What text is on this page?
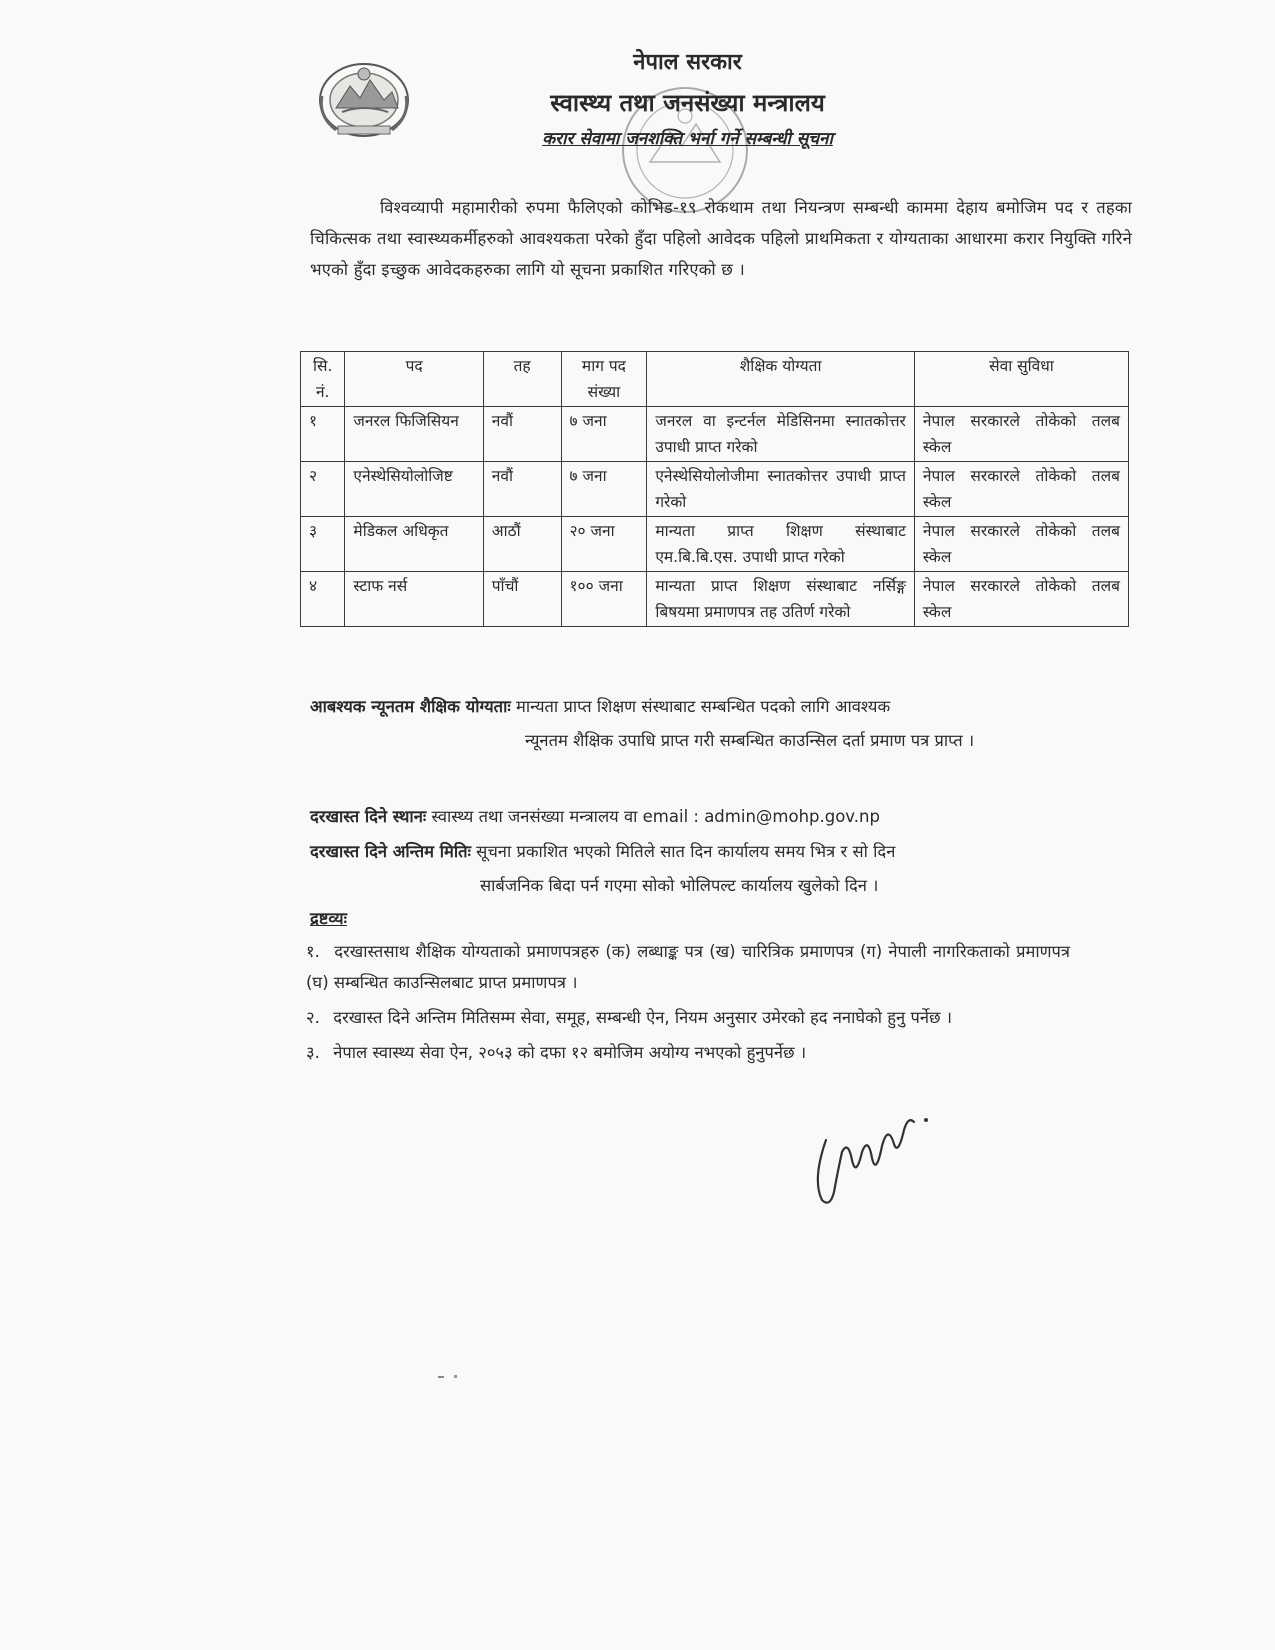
नेपाल सरकार
स्वास्थ्य तथा जनसंख्या मन्त्रालय
करार सेवामा जनशक्ति भर्ना गर्ने सम्बन्धी सूचना

विश्वव्यापी महामारीको रुपमा फैलिएको कोभिड-१९ रोकथाम तथा नियन्त्रण सम्बन्धी काममा देहाय बमोजिम पद र तहका चिकित्सक तथा स्वास्थ्यकर्मीहरुको आवश्यकता परेको हुँदा पहिलो आवेदक पहिलो प्राथमिकता र योग्यताका आधारमा करार नियुक्ति गरिने भएको हुँदा इच्छुक आवेदकहरुका लागि यो सूचना प्रकाशित गरिएको छ ।

सि. नं.	पद	तह	माग पद संख्या	शैक्षिक योग्यता	सेवा सुविधा
१	जनरल फिजिसियन	नवौं	७ जना	जनरल वा इन्टर्नल मेडिसिनमा स्नातकोत्तर उपाधी प्राप्त गरेको	नेपाल सरकारले तोकेको तलब स्केल
२	एनेस्थेसियोलोजिष्ट	नवौं	७ जना	एनेस्थेसियोलोजीमा स्नातकोत्तर उपाधी प्राप्त गरेको	नेपाल सरकारले तोकेको तलब स्केल
३	मेडिकल अधिकृत	आठौं	२० जना	मान्यता प्राप्त शिक्षण संस्थाबाट एम.बि.बि.एस. उपाधी प्राप्त गरेको	नेपाल सरकारले तोकेको तलब स्केल
४	स्टाफ नर्स	पाँचौं	१०० जना	मान्यता प्राप्त शिक्षण संस्थाबाट नर्सिङ्ग बिषयमा प्रमाणपत्र तह उतिर्ण गरेको	नेपाल सरकारले तोकेको तलब स्केल

आबश्यक न्यूनतम शैक्षिक योग्यताः मान्यता प्राप्त शिक्षण संस्थाबाट सम्बन्धित पदको लागि आवश्यक
न्यूनतम शैक्षिक उपाधि प्राप्त गरी सम्बन्धित काउन्सिल दर्ता प्रमाण पत्र प्राप्त ।

दरखास्त दिने स्थानः स्वास्थ्य तथा जनसंख्या मन्त्रालय वा email : admin@mohp.gov.np

दरखास्त दिने अन्तिम मितिः सूचना प्रकाशित भएको मितिले सात दिन कार्यालय समय भित्र र सो दिन
सार्बजनिक बिदा पर्न गएमा सोको भोलिपल्ट कार्यालय खुलेको दिन ।

द्रष्टव्यः

१. दरखास्तसाथ शैक्षिक योग्यताको प्रमाणपत्रहरु (क) लब्धाङ्क पत्र (ख) चारित्रिक प्रमाणपत्र (ग) नेपाली नागरिकताको प्रमाणपत्र (घ) सम्बन्धित काउन्सिलबाट प्राप्त प्रमाणपत्र ।
२. दरखास्त दिने अन्तिम मितिसम्म सेवा, समूह, सम्बन्धी ऐन, नियम अनुसार उमेरको हद ननाघेको हुनु पर्नेछ ।
३. नेपाल स्वास्थ्य सेवा ऐन, २०५३ को दफा १२ बमोजिम अयोग्य नभएको हुनुपर्नेछ ।
